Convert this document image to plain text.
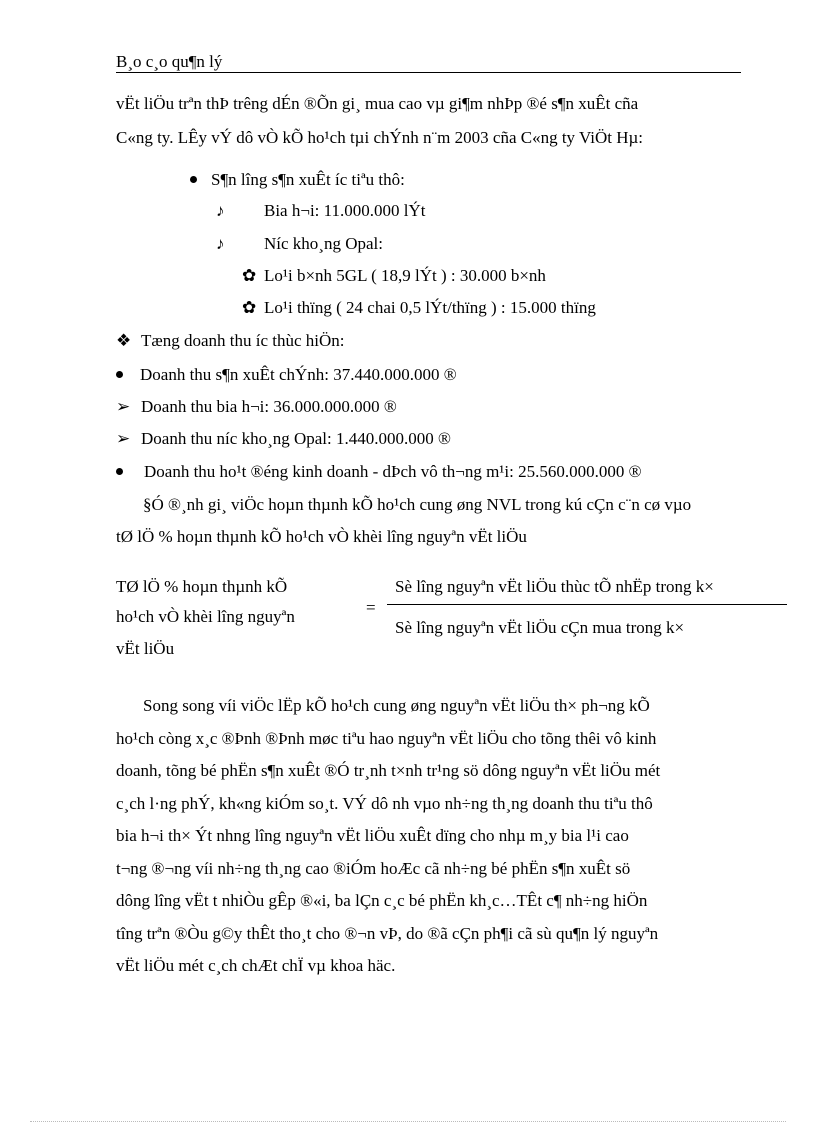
B¸o c¸o qu¶n lý
vËt liÖu trªn thÞ trêng dÉn ®Õn gi¸ mua cao vµ gi¶m nhÞp ®é s¶n xuÊt cña
C«ng ty. LÊy vÝ dô vÒ kÕ ho¹ch tµi chÝnh n¨m 2003 cña C«ng ty ViÖt Hµ:
S¶n lîng s¶n xuÊt íc tiªu thô:
♪ Bia h¬i: 11.000.000 lÝt
♪ Níc kho¸ng Opal:
✿ Lo¹i b×nh 5GL ( 18,9 lÝt ) : 30.000 b×nh
✿ Lo¹i thïng ( 24 chai 0,5 lÝt/thïng ) : 15.000 thïng
❖ Tæng doanh thu íc thùc hiÖn:
Doanh thu s¶n xuÊt chÝnh: 37.440.000.000 ®
➢ Doanh thu bia h¬i: 36.000.000.000 ®
➢ Doanh thu níc kho¸ng Opal: 1.440.000.000 ®
Doanh thu ho¹t ®éng kinh doanh - dÞch vô th¬ng m¹i: 25.560.000.000 ®
§Ó ®¸nh gi¸ viÖc hoµn thµnh kÕ ho¹ch cung øng NVL trong kú cÇn c¨n cø vµo
tØ lÖ % hoµn thµnh kÕ ho¹ch vÒ khèi lîng nguyªn vËt liÖu
TØ lÖ % hoµn thµnh kÕ
ho¹ch vÒ khèi lîng nguyªn
vËt liÖu
=
Sè lîng nguyªn vËt liÖu thùc tÕ nhËp trong k×
Sè lîng nguyªn vËt liÖu cÇn mua trong k×
Song song víi viÖc lËp kÕ ho¹ch cung øng nguyªn vËt liÖu th× ph¬ng kÕ
ho¹ch còng x¸c ®Þnh ®Þnh møc tiªu hao nguyªn vËt liÖu cho tõng thêi vô kinh
doanh, tõng bé phËn s¶n xuÊt ®Ó tr¸nh t×nh tr¹ng sö dông nguyªn vËt liÖu mét
c¸ch l·ng phÝ, kh«ng kiÓm so¸t. VÝ dô nh vµo nh÷ng th¸ng doanh thu tiªu thô
bia h¬i th× Ýt nhng lîng nguyªn vËt liÖu xuÊt dïng cho nhµ m¸y bia l¹i cao
t¬ng ®¬ng víi nh÷ng th¸ng cao ®iÓm hoÆc cã nh÷ng bé phËn s¶n xuÊt sö
dông lîng vËt t nhiÒu gÊp ®«i, ba lÇn c¸c bé phËn kh¸c…TÊt c¶ nh÷ng hiÖn
tîng trªn ®Òu g©y thÊt tho¸t cho ®¬n vÞ, do ®ã cÇn ph¶i cã sù qu¶n lý nguyªn
vËt liÖu mét c¸ch chÆt chÏ vµ khoa häc.
